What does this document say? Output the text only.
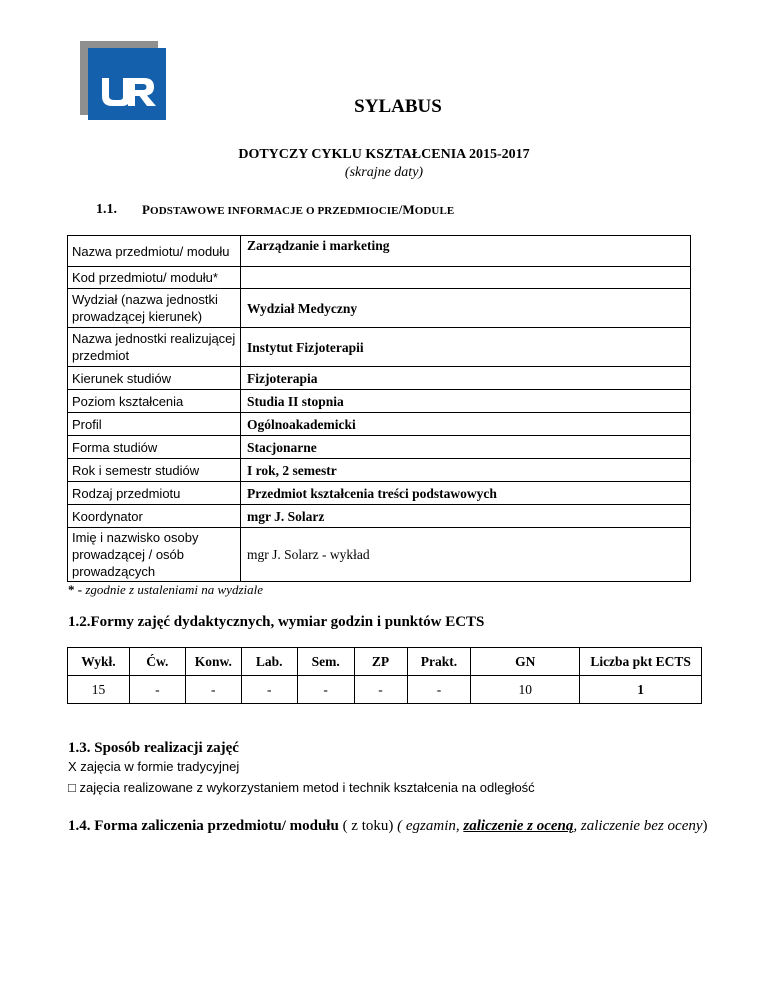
SYLABUS
DOTYCZY CYKLU KSZTAŁCENIA 2015-2017
(skrajne daty)
1.1. PODSTAWOWE INFORMACJE O PRZEDMIOCIE/MODULE
Nazwa przedmiotu/ modułu	Zarządzanie i marketing
Kod przedmiotu/ modułu*	
Wydział (nazwa jednostki prowadzącej kierunek)	Wydział Medyczny
Nazwa jednostki realizującej przedmiot	Instytut Fizjoterapii
Kierunek studiów	Fizjoterapia
Poziom kształcenia	Studia II stopnia
Profil	Ogólnoakademicki
Forma studiów	Stacjonarne
Rok i semestr studiów	I rok, 2 semestr
Rodzaj przedmiotu	Przedmiot kształcenia treści podstawowych
Koordynator	mgr J. Solarz
Imię i nazwisko osoby prowadzącej / osób prowadzących	mgr J. Solarz - wykład
* - zgodnie z ustaleniami na wydziale
1.2.Formy zajęć dydaktycznych, wymiar godzin i punktów ECTS
Wykł.	Ćw.	Konw.	Lab.	Sem.	ZP	Prakt.	GN	Liczba pkt ECTS
15	-	-	-	-	-	-	10	1
1.3. Sposób realizacji zajęć
X zajęcia w formie tradycyjnej
□ zajęcia realizowane z wykorzystaniem metod i technik kształcenia na odległość
1.4. Forma zaliczenia przedmiotu/ modułu ( z toku) ( egzamin, zaliczenie z oceną, zaliczenie bez oceny)
